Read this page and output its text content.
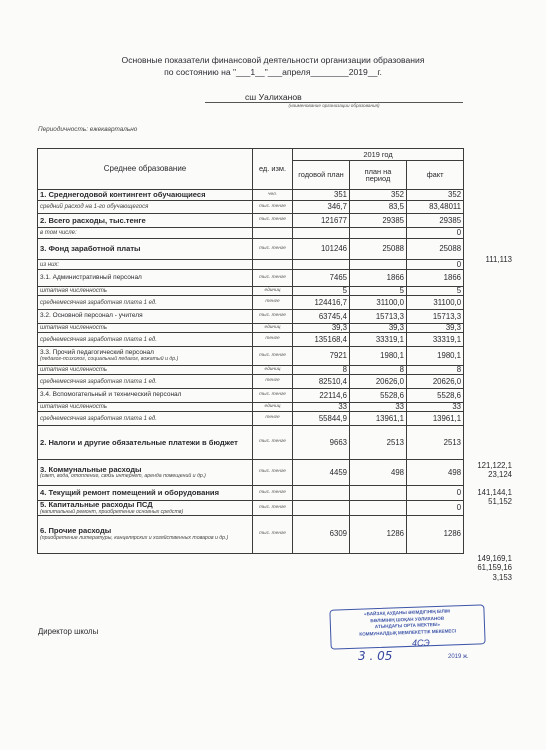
Основные показатели финансовой деятельности организации образования
по состоянию на "___1__"___апреля________2019__г.
сш Уалиханов
(наименование организации образования)
Периодичность: ежеквартально
Среднее образование	ед. изм.	2019 год		
		годовой план	план на период	факт
1. Среднегодовой контингент обучающиеся	чел.	351	352	352
средний расход на 1-го обучающегося	тыс. тенге	346,7	83,5	83,48011
2. Всего расходы, тыс.тенге	тыс. тенге	121677	29385	29385
в том числе:				0
3. Фонд заработной платы	тыс. тенге	101246	25088	25088
из них:				0
3.1. Административный персонал	тыс. тенге	7465	1866	1866
штатная численность	единиц	5	5	5
среднемесячная заработная плата 1 ед.	тенге	124416,7	31100,0	31100,0
3.2. Основной персонал - учителя	тыс. тенге	63745,4	15713,3	15713,3
штатная численность	единиц	39,3	39,3	39,3
среднемесячная заработная плата 1 ед.	тенге	135168,4	33319,1	33319,1
3.3. Прочий педагогический персонал
(педагог-психолог, социальный педагог, вожатый и др.)	тыс. тенге	7921	1980,1	1980,1
штатная численность	единиц	8	8	8
среднемесячная заработная плата 1 ед.	тенге	82510,4	20626,0	20626,0
3.4. Вспомогательный и технический персонал	тыс. тенге	22114,6	5528,6	5528,6
штатная численность	единиц	33	33	33
среднемесячная заработная плата 1 ед.	тенге	55844,9	13961,1	13961,1
2. Налоги и другие обязательные платежи в бюджет	тыс. тенге	9663	2513	2513
3. Коммунальные расходы
(свет, вода, отопление, связь интернет, аренда помещений и др.)	тыс. тенге	4459	498	498
4. Текущий ремонт помещений и оборудования	тыс. тенге			0
5. Капитальные расходы ПСД
(капитальный ремонт, приобретение основных средств)	тыс. тенге			0
6. Прочие расходы
(приобретение литературы, канцелярских и хозяйственных товаров и др.)	тыс. тенге	6309	1286	1286
111,113
121,122,1
23,124
141,144,1
51,152
149,169,1
61,159,16
3,153
Директор школы
«БАЙЗАҚ АУДАНЫ ӘКІМДІГІНІҢ БІЛІМ
БӨЛІМІНІҢ ШОҚАН УӘЛИХАНОВ
АТЫНДАҒЫ ОРТА МЕКТЕБІ»
КОММУНАЛДЫҚ МЕМЛЕКЕТТІК МЕКЕМЕСІ
4СЭ
3 . 05	2019 ж.
